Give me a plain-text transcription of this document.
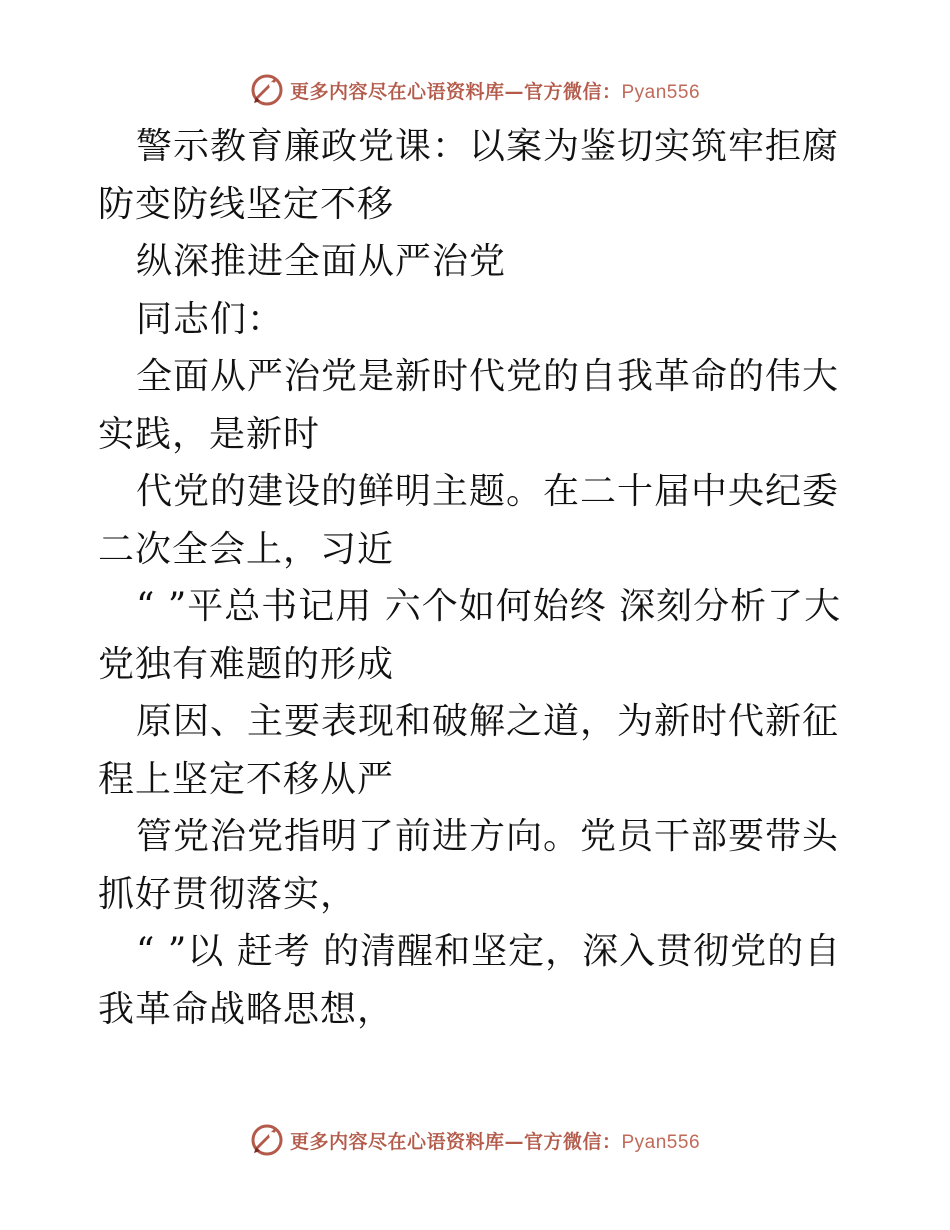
更多内容尽在心语资料库—官方微信：Pyan556

警示教育廉政党课：以案为鉴切实筑牢拒腐防变防线坚定不移

纵深推进全面从严治党

同志们：

全面从严治党是新时代党的自我革命的伟大实践，是新时

代党的建设的鲜明主题。在二十届中央纪委二次全会上，习近

“ ”平总书记用 六个如何始终 深刻分析了大党独有难题的形成

原因、主要表现和破解之道，为新时代新征程上坚定不移从严

管党治党指明了前进方向。党员干部要带头抓好贯彻落实，

“ ”以 赶考 的清醒和坚定，深入贯彻党的自我革命战略思想，

更多内容尽在心语资料库—官方微信：Pyan556
